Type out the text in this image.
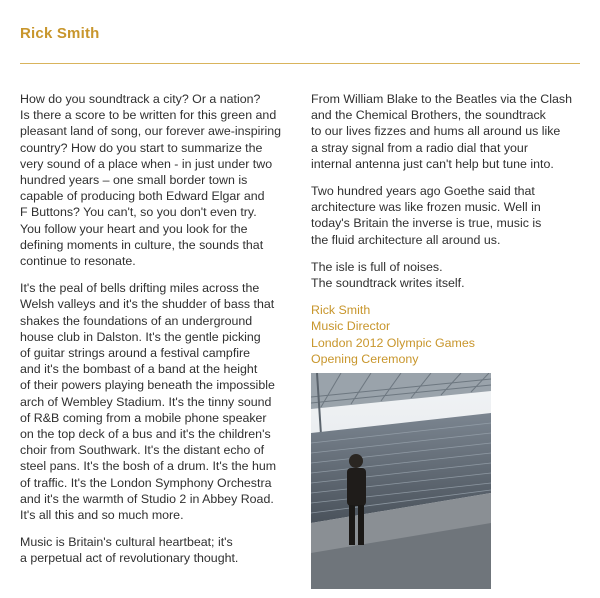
Rick Smith

How do you soundtrack a city? Or a nation?
Is there a score to be written for this green and
pleasant land of song, our forever awe-inspiring
country? How do you start to summarize the
very sound of a place when - in just under two
hundred years – one small border town is
capable of producing both Edward Elgar and
F Buttons? You can't, so you don't even try.
You follow your heart and you look for the
defining moments in culture, the sounds that
continue to resonate.

It's the peal of bells drifting miles across the
Welsh valleys and it's the shudder of bass that
shakes the foundations of an underground
house club in Dalston. It's the gentle picking
of guitar strings around a festival campfire
and it's the bombast of a band at the height
of their powers playing beneath the impossible
arch of Wembley Stadium. It's the tinny sound
of R&B coming from a mobile phone speaker
on the top deck of a bus and it's the children's
choir from Southwark. It's the distant echo of
steel pans. It's the bosh of a drum. It's the hum
of traffic. It's the London Symphony Orchestra
and it's the warmth of Studio 2 in Abbey Road.
It's all this and so much more.

Music is Britain's cultural heartbeat; it's
a perpetual act of revolutionary thought.

From William Blake to the Beatles via the Clash
and the Chemical Brothers, the soundtrack
to our lives fizzes and hums all around us like
a stray signal from a radio dial that your
internal antenna just can't help but tune into.

Two hundred years ago Goethe said that
architecture was like frozen music. Well in
today's Britain the inverse is true, music is
the fluid architecture all around us.

The isle is full of noises.
The soundtrack writes itself.

Rick Smith
Music Director
London 2012 Olympic Games
Opening Ceremony
